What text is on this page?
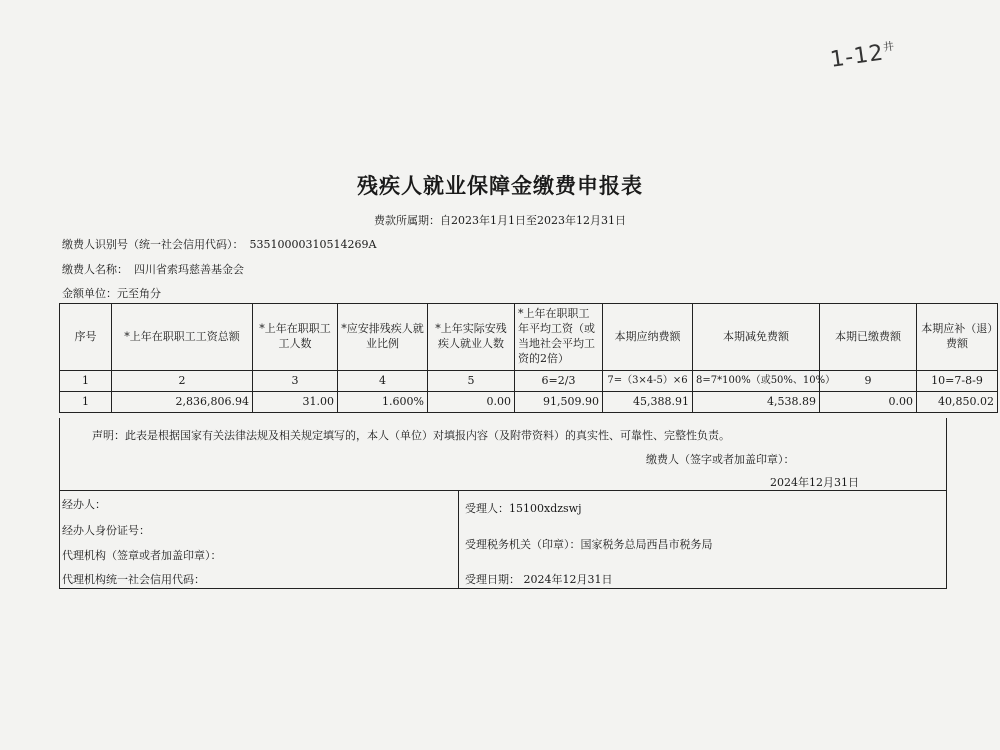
$1-12^井$
残疾人就业保障金缴费申报表
费款所属期：自2023年1月1日至2023年12月31日
缴费人识别号（统一社会信用代码）： 53510000310514269A
缴费人名称： 四川省索玛慈善基金会
金额单位：元至角分
序号	*上年在职职工工资总额	*上年在职职工工人数	*应安排残疾人就业比例	*上年实际安残疾人就业人数	*上年在职职工年平均工资（或当地社会平均工资的2倍）	本期应纳费额	本期减免费额	本期已缴费额	本期应补（退）费额
1	2	3	4	5	6=2/3	7=（3×4-5）×6	8=7*100%（或50%、10%）	9	10=7-8-9
1	2,836,806.94	31.00	1.600%	0.00	91,509.90	45,388.91	4,538.89	0.00	40,850.02
声明：此表是根据国家有关法律法规及相关规定填写的，本人（单位）对填报内容（及附带资料）的真实性、可靠性、完整性负责。
缴费人（签字或者加盖印章）：
2024年12月31日
经办人：
经办人身份证号：
代理机构（签章或者加盖印章）：
代理机构统一社会信用代码：
受理人：15100xdzswj
受理税务机关（印章）：国家税务总局西昌市税务局
受理日期： 2024年12月31日
